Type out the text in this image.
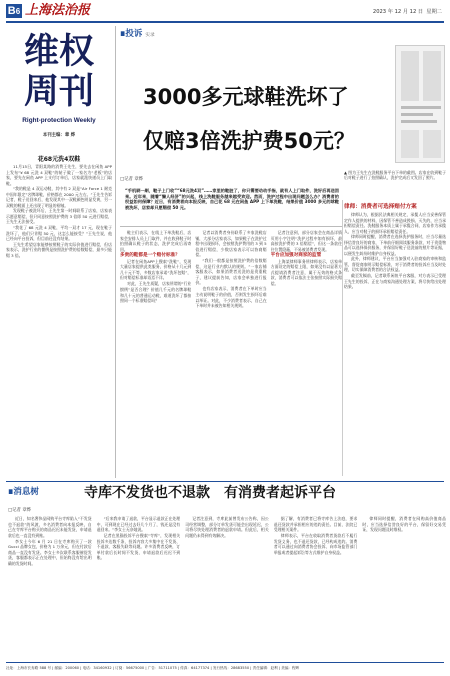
B6 上海法治报	2023 年 12 月 12 日 星期二
维权
周刊
Right-protection Weekly
本刊主编：章 烨
花68元洗4双鞋

11月15日，青阳某路的消费王先生，要先去在闲鱼 APP 上发布“¥ 68 元洗 4 双鞋”的帖子做了一家名为“老板”的店家，要先在闲鱼 APP 上支付订单后，店家就派快递员上门取鞋。

“我的鞋是 4 双运动鞋，其中有 2 双是“Air Force 1 耐克中国年限定”名牌球鞋，价格都在 2000 元左右。”王先生告诉记者，鞋子送回来后，他发现其中一双鞋颜色明显发黄，另一双鞋的鞋面上还出现了明显的褶皱。

发现鞋子被洗坏后，王先生第一时间联系了店家，店家表示愿意赔偿，但只同意按照洗护费的 3 倍即 50 元进行赔偿，王先生无法接受。

“我花了 68 元洗 4 双鞋，平均一双才 17 元，现在鞋子洗坏了，他们只肯赔 50 元，这怎么能接受？”王先生说，他已经向平台投诉，但目前还没有结果。

王先生希望店家能够按照鞋子的实际价值进行赔偿，但店家表示，洗护行业的惯例是按照洗护费的倍数赔偿，最多只能赔 3 倍。

∎投诉 实录
3000多元球鞋洗坏了
仅赔3倍洗护费50元？
□记者 章烨
▲ 图为王先生在洗鞋服务平台下单的截图。店家在收到鞋子后对鞋子进行了拍照确认，洗护完成后又发回了照片。
“手机刷一刷，鞋子上门收”“68元洗4双”……家里的鞋脏了，你只需要动动手指，就有人上门取件，洗好后再送回来。近年来，随着“懒人经济”的兴起，线上洗鞋服务越来越受欢迎。然而，洗护过程中出现问题怎么办？消费者的权益如何保障？近日，有消费者向本报反映，自己花 68 元在闲鱼 APP 上下单洗鞋，结果价值 3000 多元的球鞋被洗坏，店家却只愿赔偿 50 元。	律师：消费者可选择赔付方案

鞋主们表示，在线上下单洗鞋后，店家会安排人员上门取件，并在收到鞋子时拍照确认鞋子的状态，洗护完成后再寄回。

多贵的鞋都是一个赔付标准？

记者在闲鱼APP上搜索“洗鞋”，发现大量店家提供此类服务，价格从十几元到几十元不等，多数店家承诺“洗坏包赔”，但对赔偿标准却语焉不详。

对此，王先生质疑，店家所谓的“行业惯例”是否合理？价值几千元的名牌球鞋和几十元的普通运动鞋，难道洗坏了都按照同一个标准赔偿吗？

记者以消费者身份联系了多家洗鞋店铺，大部分店家表示，如果鞋子在洗护过程中出现损坏，会按照洗护费用的 3 到 5 倍进行赔偿，少数店家表示可以协商赔偿。

“我们一般都是按照洗护费的倍数赔偿，这是行业内默认的规则。”一家店铺客服表示，如果消费者送洗的是贵重鞋子，建议提前告知，店家会单独进行报价。

也有店家表示，消费者在下单时应当主动说明鞋子的价值，否则发生损坏后难以举证。对此，不少消费者表示，自己在下单时并未被告知相关规则。

记者注意到，部分店家会在商品详情页用小字注明“洗护过程中如有损坏，最高按洗护费的 3 倍赔偿”，但这一条款往往位置隐蔽，不易被消费者发现。

平台应加强对商家的监管

上海某律师事务所律师表示，店家单方面设定的赔偿上限，如果没有以显著方式提请消费者注意，属于无效的格式条款，消费者可以依法主张按照实际损失赔偿。

律师认为，根据民法典相关规定，承揽人应当妥善保管定作人提供的材料，因保管不善造成毁损、灭失的，应当承担赔偿责任。洗鞋服务本质上属于承揽合同，店家作为承揽人，应当对鞋子的损坏承担赔偿责任。

律师同时提醒，消费者在选择洗护服务时，应当尽量选择信誉良好的商家，下单前仔细阅读服务条款，对于贵重物品可以选择保价服务，并保留好鞋子送洗前的照片等证据，以便发生纠纷时维护自身权益。

此外，律师建议，平台应当加强对入驻商家的审核和监管，督促商家明示赔偿标准，对于消费者的投诉应当及时处理，切实保障消费者的合法权益。

截至发稿前，记者联系闲鱼平台客服，对方表示已受理王先生的投诉，正在与商家沟通处理方案，将尽快给出处理结果。

∎消息树	寺库不发货也不退款　有消费者起诉平台
□记者 章烨

近日，知名奢侈品网购平台寺库陷入“不发货也不退款”的风波，多名消费者向本报反映，自己在寺库平台购买的商品迟迟未能发货，申请退款后也一直没有到账。

李女士今年 6 月 21 日在寺库购买了一款 Gucci 品牌女包，价格为 1 万余元，但在付款后商品一直没有发货。李女士多次联系客服催促发货，客服都表示正在处理中，但始终没有给出明确的发货时间。

“后来我申请了退款，平台显示退款正在处理中，可到现在已经过去好几个月了，钱还是没有退回来。”李女士无奈地说。

记者在黑猫投诉平台搜索“寺库”，发现相关投诉多达数千条，投诉内容大多集中在不发货、不退款、客服失联等问题。许多消费者反映，订单付款后长时间不发货，申请退款后迟迟不到账。

记者注意到，寺库此前曾发布公告称，因公司经营调整，部分订单发货可能会出现延迟，公司将尽快处理消费者的退款申请。但此后，相关问题仍未得到有效解决。

据了解，有消费者已将寺库告上法庭，要求退还货款并承担相应的违约责任。目前，法院已受理相关案件。

律师表示，平台在收取消费者货款后不履行发货义务，也不退还货款，已经构成违约。消费者可以通过向消费者协会投诉、向市场监管部门举报或者提起诉讼等方式维护自身权益。

律师同时提醒，消费者在网购高价值商品时，应当选择信誉良好的平台，保留好交易凭证，发现问题及时维权。

社址：上海市长寿路 588 号 | 邮编：200060 | 电话：34160932 | 订阅：56675000 | 广告：51711075 | 传真：64177374 | 发行热线：28683550 | 责任编辑：赵利 | 美编：程晖
